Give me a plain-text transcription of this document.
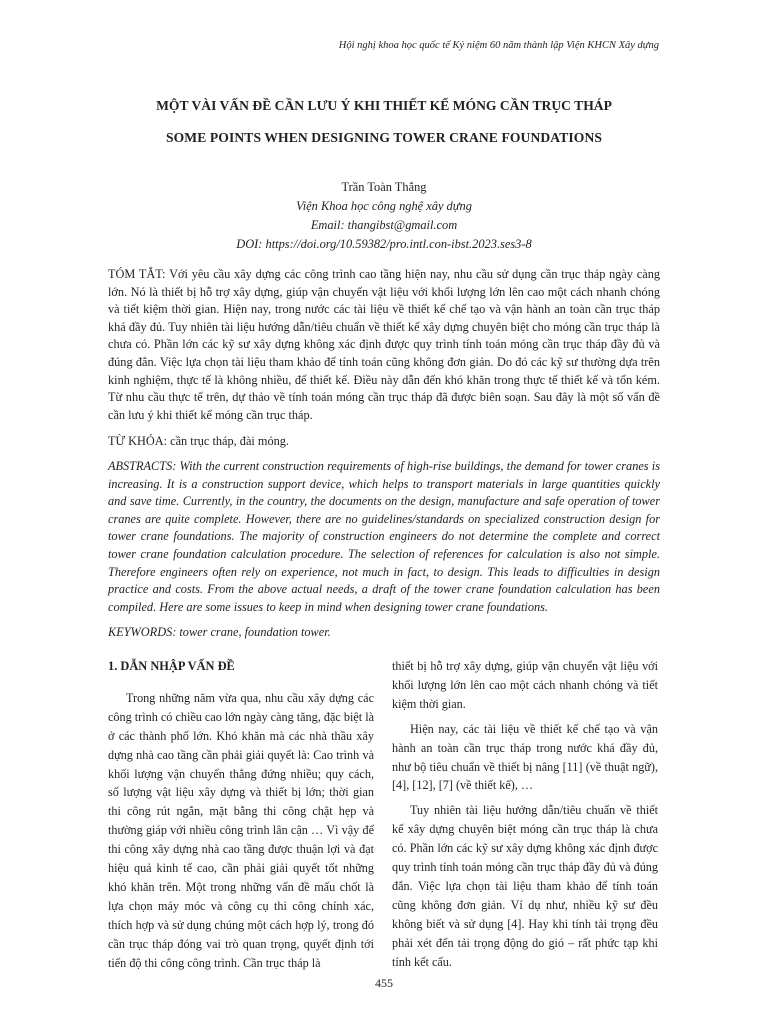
Hội nghị khoa học quốc tế Kỷ niệm 60 năm thành lập Viện KHCN Xây dựng
MỘT VÀI VẤN ĐỀ CẦN LƯU Ý KHI THIẾT KẾ MÓNG CẦN TRỤC THÁP
SOME POINTS WHEN DESIGNING TOWER CRANE FOUNDATIONS
Trần Toàn Thắng
Viện Khoa học công nghệ xây dựng
Email: thangibst@gmail.com
DOI: https://doi.org/10.59382/pro.intl.con-ibst.2023.ses3-8
TÓM TẮT: Với yêu cầu xây dựng các công trình cao tầng hiện nay, nhu cầu sử dụng cần trục tháp ngày càng lớn. Nó là thiết bị hỗ trợ xây dựng, giúp vận chuyển vật liệu với khối lượng lớn lên cao một cách nhanh chóng và tiết kiệm thời gian. Hiện nay, trong nước các tài liệu về thiết kế chế tạo và vận hành an toàn cần trục tháp khá đầy đủ. Tuy nhiên tài liệu hướng dẫn/tiêu chuẩn về thiết kế xây dựng chuyên biệt cho móng cần trục tháp là chưa có. Phần lớn các kỹ sư xây dựng không xác định được quy trình tính toán móng cần trục tháp đầy đủ và đúng đắn. Việc lựa chọn tài liệu tham khảo để tính toán cũng không đơn giản. Do đó các kỹ sư thường dựa trên kinh nghiệm, thực tế là không nhiều, để thiết kế. Điều này dẫn đến khó khăn trong thực tế thiết kế và tốn kém. Từ nhu cầu thực tế trên, dự thảo về tính toán móng cần trục tháp đã được biên soạn. Sau đây là một số vấn đề cần lưu ý khi thiết kế móng cần trục tháp.
TỪ KHÓA: cần trục tháp, đài móng.
ABSTRACTS: With the current construction requirements of high-rise buildings, the demand for tower cranes is increasing. It is a construction support device, which helps to transport materials in large quantities quickly and save time. Currently, in the country, the documents on the design, manufacture and safe operation of tower cranes are quite complete. However, there are no guidelines/standards on specialized construction design for tower crane foundations. The majority of construction engineers do not determine the complete and correct tower crane foundation calculation procedure. The selection of references for calculation is also not simple. Therefore engineers often rely on experience, not much in fact, to design. This leads to difficulties in design practice and costs. From the above actual needs, a draft of the tower crane foundation calculation has been compiled. Here are some issues to keep in mind when designing tower crane foundations.
KEYWORDS: tower crane, foundation tower.
1. DẪN NHẬP VẤN ĐỀ

Trong những năm vừa qua, nhu cầu xây dựng các công trình có chiều cao lớn ngày càng tăng, đặc biệt là ở các thành phố lớn. Khó khăn mà các nhà thầu xây dựng nhà cao tầng cần phải giải quyết là: Cao trình và khối lượng vận chuyển thẳng đứng nhiều; quy cách, số lượng vật liệu xây dựng và thiết bị lớn; thời gian thi công rút ngắn, mặt bằng thi công chật hẹp và thường giáp với nhiều công trình lân cận … Vì vậy để thi công xây dựng nhà cao tầng được thuận lợi và đạt hiệu quả kinh tế cao, cần phải giải quyết tốt những khó khăn trên. Một trong những vấn đề mấu chốt là lựa chọn máy móc và công cụ thi công chính xác, thích hợp và sử dụng chúng một cách hợp lý, trong đó cần trục tháp đóng vai trò quan trọng, quyết định tới tiến độ thi công công trình. Cần trục tháp là

thiết bị hỗ trợ xây dựng, giúp vận chuyển vật liệu với khối lượng lớn lên cao một cách nhanh chóng và tiết kiệm thời gian.

Hiện nay, các tài liệu về thiết kế chế tạo và vận hành an toàn cần trục tháp trong nước khá đầy đủ, như bộ tiêu chuẩn về thiết bị nâng [11] (về thuật ngữ), [4], [12], [7] (về thiết kế), …

Tuy nhiên tài liệu hướng dẫn/tiêu chuẩn về thiết kế xây dựng chuyên biệt móng cần trục tháp là chưa có. Phần lớn các kỹ sư xây dựng không xác định được quy trình tính toán móng cần trục tháp đầy đủ và đúng đắn. Việc lựa chọn tài liệu tham khảo để tính toán cũng không đơn giản. Ví dụ như, nhiều kỹ sư đều không biết và sử dụng [4]. Hay khi tính tải trọng đều phải xét đến tải trọng động do gió – rất phức tạp khi tính kết cấu.

455
